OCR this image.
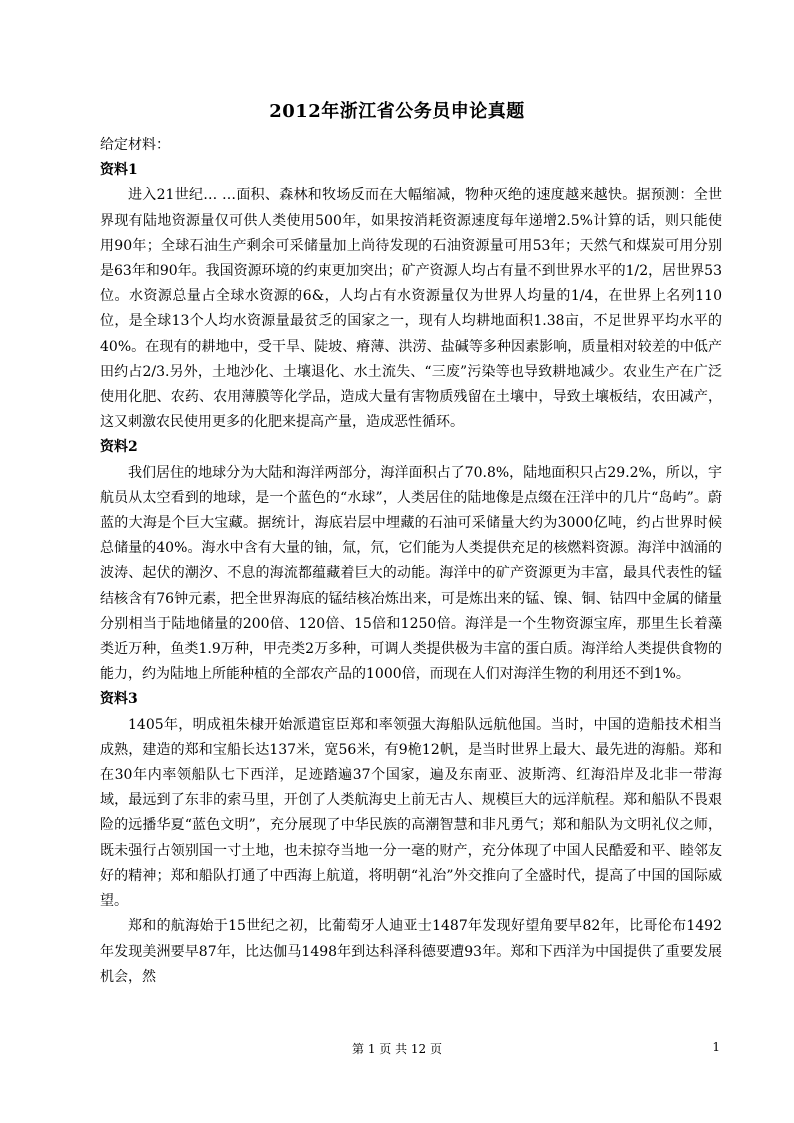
2012年浙江省公务员申论真题

给定材料：

资料1

进入21世纪… …面积、森林和牧场反而在大幅缩减，物种灭绝的速度越来越快。据预测：全世界现有陆地资源量仅可供人类使用500年，如果按消耗资源速度每年递增2.5%计算的话，则只能使用90年；全球石油生产剩余可采储量加上尚待发现的石油资源量可用53年；天然气和煤炭可用分别是63年和90年。我国资源环境的约束更加突出；矿产资源人均占有量不到世界水平的1/2，居世界53位。水资源总量占全球水资源的6&，人均占有水资源量仅为世界人均量的1/4，在世界上名列110位，是全球13个人均水资源量最贫乏的国家之一，现有人均耕地面积1.38亩，不足世界平均水平的40%。在现有的耕地中，受干旱、陡坡、瘠薄、洪涝、盐碱等多种因素影响，质量相对较差的中低产田约占2/3.另外，土地沙化、土壤退化、水土流失、“三废”污染等也导致耕地减少。农业生产在广泛使用化肥、农药、农用薄膜等化学品，造成大量有害物质残留在土壤中，导致土壤板结，农田减产，这又刺激农民使用更多的化肥来提高产量，造成恶性循环。

资料2

我们居住的地球分为大陆和海洋两部分，海洋面积占了70.8%，陆地面积只占29.2%，所以，宇航员从太空看到的地球，是一个蓝色的“水球”，人类居住的陆地像是点缀在汪洋中的几片“岛屿”。蔚蓝的大海是个巨大宝藏。据统计，海底岩层中埋藏的石油可采储量大约为3000亿吨，约占世界时候总储量的40%。海水中含有大量的铀，氚，氘，它们能为人类提供充足的核燃料资源。海洋中汹涌的波涛、起伏的潮汐、不息的海流都蕴藏着巨大的动能。海洋中的矿产资源更为丰富，最具代表性的锰结核含有76钟元素，把全世界海底的锰结核冶炼出来，可是炼出来的锰、镍、铜、钴四中金属的储量分别相当于陆地储量的200倍、120倍、15倍和1250倍。海洋是一个生物资源宝库，那里生长着藻类近万种，鱼类1.9万种，甲壳类2万多种，可调人类提供极为丰富的蛋白质。海洋给人类提供食物的能力，约为陆地上所能种植的全部农产品的1000倍，而现在人们对海洋生物的利用还不到1%。

资料3

1405年，明成祖朱棣开始派遣宦臣郑和率领强大海船队远航他国。当时，中国的造船技术相当成熟，建造的郑和宝船长达137米，宽56米，有9桅12帆，是当时世界上最大、最先进的海船。郑和在30年内率领船队七下西洋，足迹踏遍37个国家，遍及东南亚、波斯湾、红海沿岸及北非一带海域，最远到了东非的索马里，开创了人类航海史上前无古人、规模巨大的远洋航程。郑和船队不畏艰险的远播华夏“蓝色文明”，充分展现了中华民族的高潮智慧和非凡勇气；郑和船队为文明礼仪之师，既未强行占领别国一寸土地，也未掠夺当地一分一毫的财产，充分体现了中国人民酷爱和平、睦邻友好的精神；郑和船队打通了中西海上航道，将明朝“礼治”外交推向了全盛时代，提高了中国的国际威望。

郑和的航海始于15世纪之初，比葡萄牙人迪亚士1487年发现好望角要早82年，比哥伦布1492年发现美洲要早87年，比达伽马1498年到达科泽科德要遭93年。郑和下西洋为中国提供了重要发展机会，然

第 1 页 共 12 页	1
